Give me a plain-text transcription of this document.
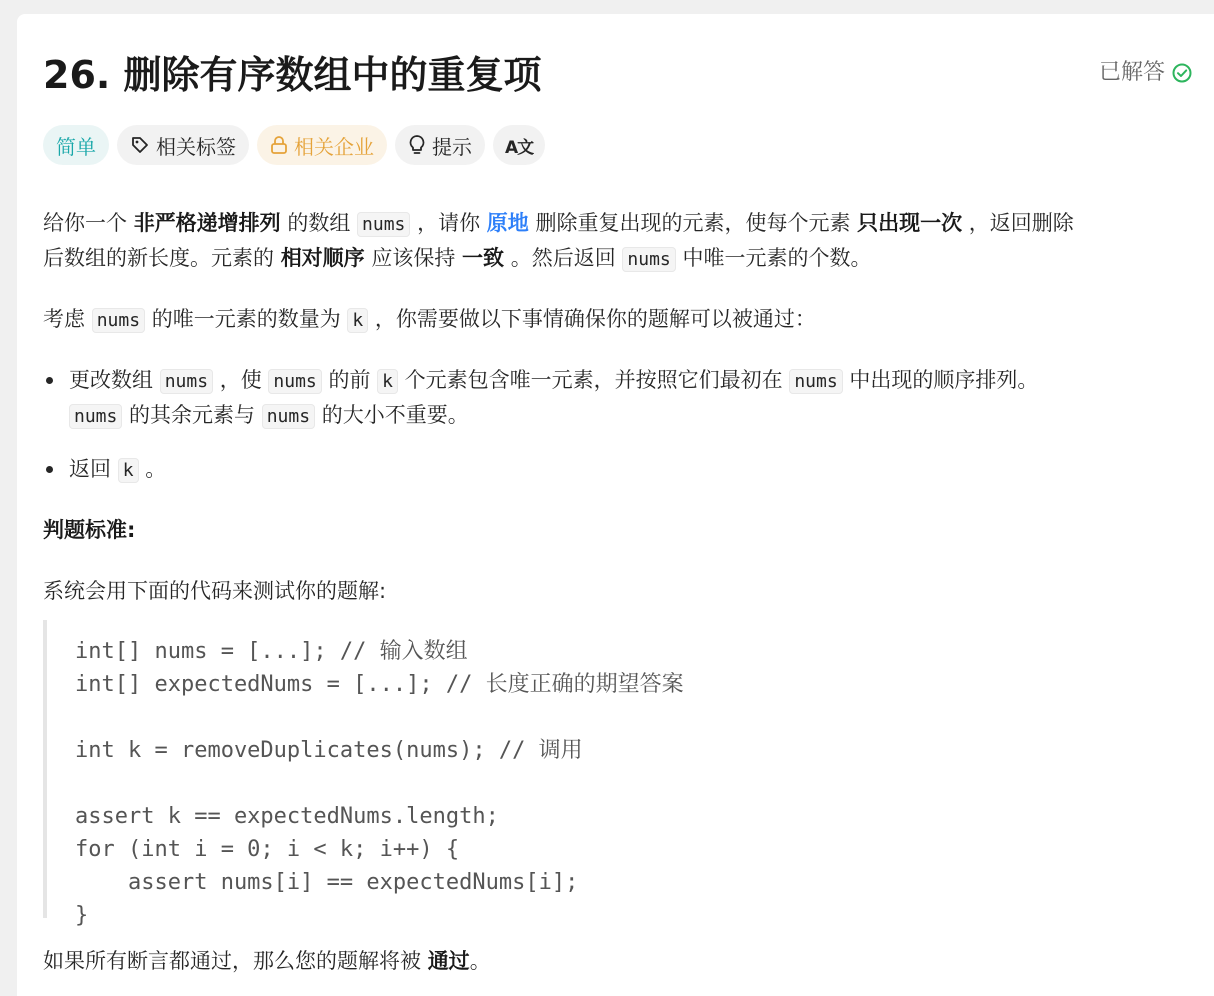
26. 删除有序数组中的重复项	已解答
简单	相关标签	相关企业	提示 A文
给你一个 非严格递增排列 的数组 nums ，请你 原地 删除重复出现的元素，使每个元素 只出现一次 ，返回删除
后数组的新长度。元素的 相对顺序 应该保持 一致 。然后返回 nums 中唯一元素的个数。
考虑 nums 的唯一元素的数量为 k ，你需要做以下事情确保你的题解可以被通过：
更改数组 nums ，使 nums 的前 k 个元素包含唯一元素，并按照它们最初在 nums 中出现的顺序排列。
nums 的其余元素与 nums 的大小不重要。
返回 k 。
判题标准:
系统会用下面的代码来测试你的题解:
int[] nums = [...]; // 输入数组
int[] expectedNums = [...]; // 长度正确的期望答案
int k = removeDuplicates(nums); // 调用
assert k == expectedNums.length;
for (int i = 0; i < k; i++) {
assert nums[i] == expectedNums[i];
}
如果所有断言都通过，那么您的题解将被 通过。
